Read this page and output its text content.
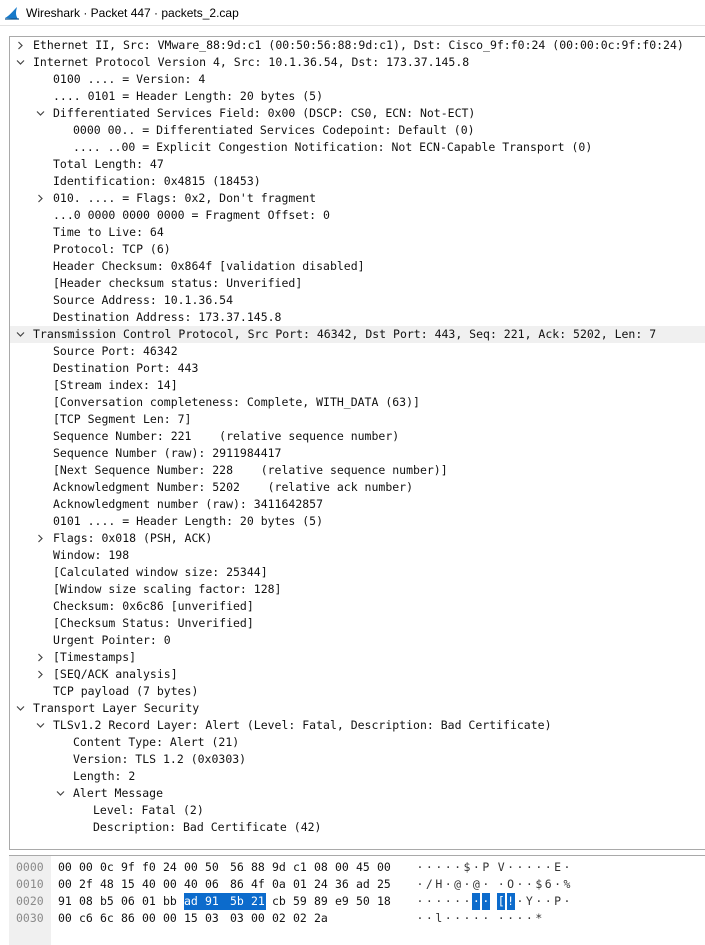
Wireshark · Packet 447 · packets_2.cap
Ethernet II, Src: VMware_88:9d:c1 (00:50:56:88:9d:c1), Dst: Cisco_9f:f0:24 (00:00:0c:9f:f0:24)
Internet Protocol Version 4, Src: 10.1.36.54, Dst: 173.37.145.8
0100 .... = Version: 4
.... 0101 = Header Length: 20 bytes (5)
Differentiated Services Field: 0x00 (DSCP: CS0, ECN: Not-ECT)
0000 00.. = Differentiated Services Codepoint: Default (0)
.... ..00 = Explicit Congestion Notification: Not ECN-Capable Transport (0)
Total Length: 47
Identification: 0x4815 (18453)
010. .... = Flags: 0x2, Don't fragment
...0 0000 0000 0000 = Fragment Offset: 0
Time to Live: 64
Protocol: TCP (6)
Header Checksum: 0x864f [validation disabled]
[Header checksum status: Unverified]
Source Address: 10.1.36.54
Destination Address: 173.37.145.8
Transmission Control Protocol, Src Port: 46342, Dst Port: 443, Seq: 221, Ack: 5202, Len: 7
Source Port: 46342
Destination Port: 443
[Stream index: 14]
[Conversation completeness: Complete, WITH_DATA (63)]
[TCP Segment Len: 7]
Sequence Number: 221    (relative sequence number)
Sequence Number (raw): 2911984417
[Next Sequence Number: 228    (relative sequence number)]
Acknowledgment Number: 5202    (relative ack number)
Acknowledgment number (raw): 3411642857
0101 .... = Header Length: 20 bytes (5)
Flags: 0x018 (PSH, ACK)
Window: 198
[Calculated window size: 25344]
[Window size scaling factor: 128]
Checksum: 0x6c86 [unverified]
[Checksum Status: Unverified]
Urgent Pointer: 0
[Timestamps]
[SEQ/ACK analysis]
TCP payload (7 bytes)
Transport Layer Security
TLSv1.2 Record Layer: Alert (Level: Fatal, Description: Bad Certificate)
Content Type: Alert (21)
Version: TLS 1.2 (0x0303)
Length: 2
Alert Message
Level: Fatal (2)
Description: Bad Certificate (42)
0000 00 00 0c 9f f0 24 00 50 56 88 9d c1 08 00 45 00 · · · · · $ · P V · · · · · E ·
0010 00 2f 48 15 40 00 40 06 86 4f 0a 01 24 36 ad 25 · / H · @ · @ · · O · · $ 6 · %
0020 91 08 b5 06 01 bb ad 91 5b 21 cb 59 89 e9 50 18 · · · · · · · · [ ! · Y · · P ·
0030 00 c6 6c 86 00 00 15 03 03 00 02 02 2a	· · l · · · · · · · · · *
